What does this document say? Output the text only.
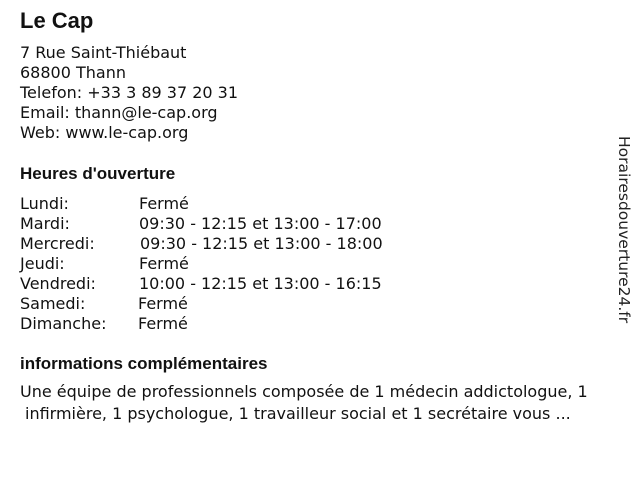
Le Cap
7 Rue Saint-Thiébaut
68800 Thann
Telefon: +33 3 89 37 20 31
Email: thann@le-cap.org
Web: www.le-cap.org
Heures d'ouverture

Lundi:

	Fermé

Mardi:

	09:30 - 12:15 et 13:00 - 17:00

Mercredi:

	09:30 - 12:15 et 13:00 - 18:00

Jeudi:

	Fermé

Vendredi:

	10:00 - 12:15 et 13:00 - 16:15

Samedi:

	Fermé

Dimanche:

Fermé

informations complémentaires
Une équipe de professionnels composée de 1 médecin addictologue, 1
infirmière, 1 psychologue, 1 travailleur social et 1 secrétaire vous ...
Horairesdouverture24.fr
